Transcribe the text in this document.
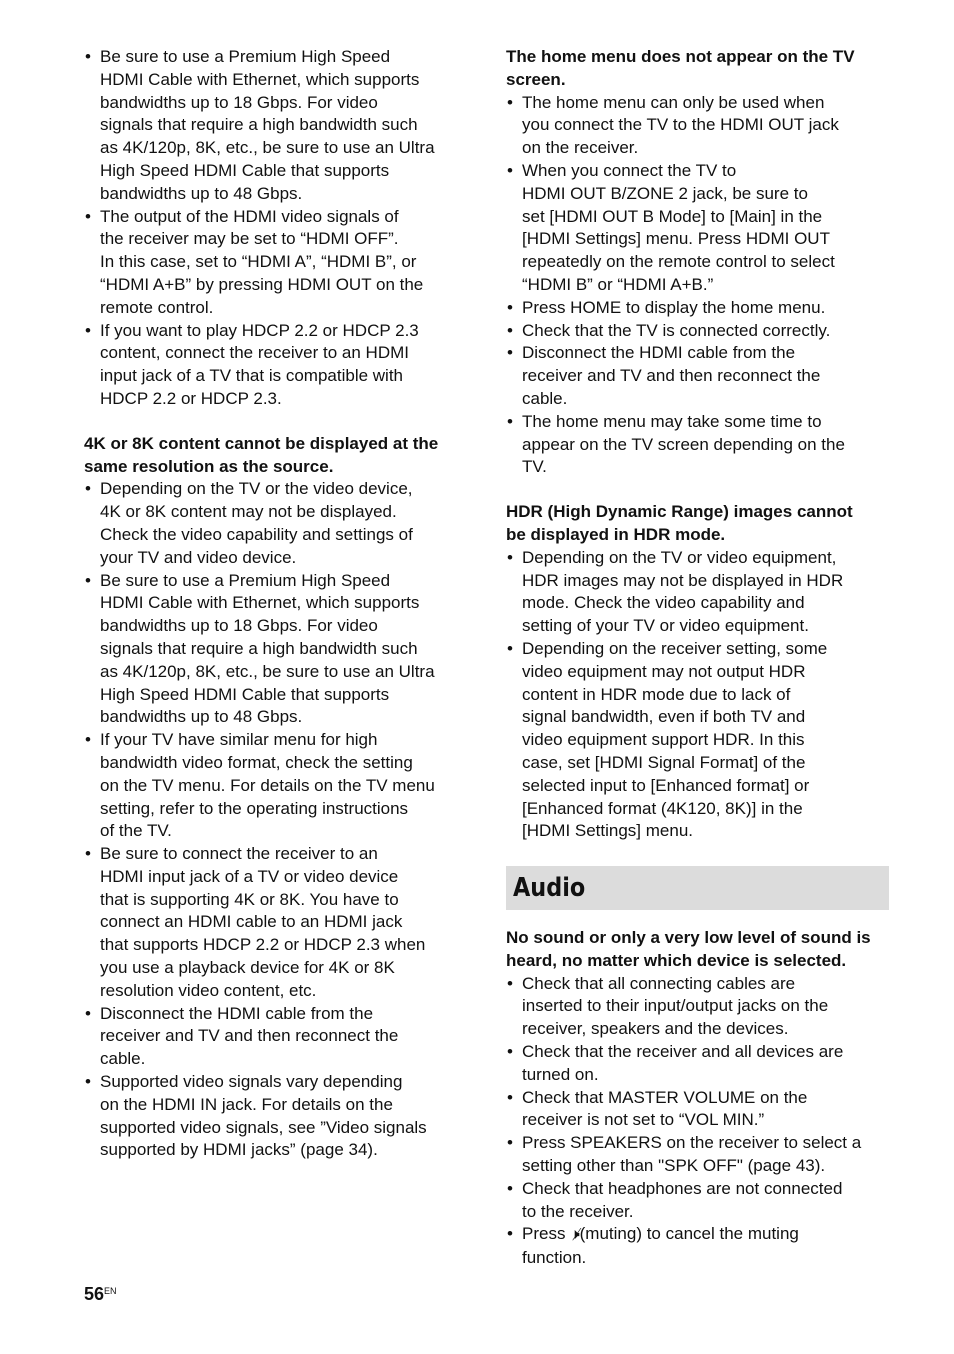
• Be sure to use a Premium High Speed
HDMI Cable with Ethernet, which supports
bandwidths up to 18 Gbps. For video
signals that require a high bandwidth such
as 4K/120p, 8K, etc., be sure to use an Ultra
High Speed HDMI Cable that supports
bandwidths up to 48 Gbps.
• The output of the HDMI video signals of
the receiver may be set to “HDMI OFF”.
In this case, set to “HDMI A”, “HDMI B”, or
“HDMI A+B” by pressing HDMI OUT on the
remote control.
• If you want to play HDCP 2.2 or HDCP 2.3
content, connect the receiver to an HDMI
input jack of a TV that is compatible with
HDCP 2.2 or HDCP 2.3.

4K or 8K content cannot be displayed at the
same resolution as the source.

• Depending on the TV or the video device,
4K or 8K content may not be displayed.
Check the video capability and settings of
your TV and video device.
• Be sure to use a Premium High Speed
HDMI Cable with Ethernet, which supports
bandwidths up to 18 Gbps. For video
signals that require a high bandwidth such
as 4K/120p, 8K, etc., be sure to use an Ultra
High Speed HDMI Cable that supports
bandwidths up to 48 Gbps.
• If your TV have similar menu for high
bandwidth video format, check the setting
on the TV menu. For details on the TV menu
setting, refer to the operating instructions
of the TV.
• Be sure to connect the receiver to an
HDMI input jack of a TV or video device
that is supporting 4K or 8K. You have to
connect an HDMI cable to an HDMI jack
that supports HDCP 2.2 or HDCP 2.3 when
you use a playback device for 4K or 8K
resolution video content, etc.
• Disconnect the HDMI cable from the
receiver and TV and then reconnect the
cable.
• Supported video signals vary depending
on the HDMI IN jack. For details on the
supported video signals, see ”Video signals
supported by HDMI jacks” (page 34).

The home menu does not appear on the TV
screen.

• The home menu can only be used when
you connect the TV to the HDMI OUT jack
on the receiver.
• When you connect the TV to
HDMI OUT B/ZONE 2 jack, be sure to
set [HDMI OUT B Mode] to [Main] in the
[HDMI Settings] menu. Press HDMI OUT
repeatedly on the remote control to select
“HDMI B” or “HDMI A+B.”
• Press HOME to display the home menu.
• Check that the TV is connected correctly.
• Disconnect the HDMI cable from the
receiver and TV and then reconnect the
cable.
• The home menu may take some time to
appear on the TV screen depending on the
TV.

HDR (High Dynamic Range) images cannot
be displayed in HDR mode.

• Depending on the TV or video equipment,
HDR images may not be displayed in HDR
mode. Check the video capability and
setting of your TV or video equipment.
• Depending on the receiver setting, some
video equipment may not output HDR
content in HDR mode due to lack of
signal bandwidth, even if both TV and
video equipment support HDR. In this
case, set [HDMI Signal Format] of the
selected input to [Enhanced format] or
[Enhanced format (4K120, 8K)] in the
[HDMI Settings] menu.
Audio

No sound or only a very low level of sound is
heard, no matter which device is selected.

• Check that all connecting cables are
inserted to their input/output jacks on the
receiver, speakers and the devices.
• Check that the receiver and all devices are
turned on.
• Check that MASTER VOLUME on the
receiver is not set to “VOL MIN.”
• Press SPEAKERS on the receiver to select a
setting other than "SPK OFF" (page 43).
• Check that headphones are not connected
to the receiver.
• Press 🕨̸(muting) to cancel the muting
function.
$56^{EN}$
